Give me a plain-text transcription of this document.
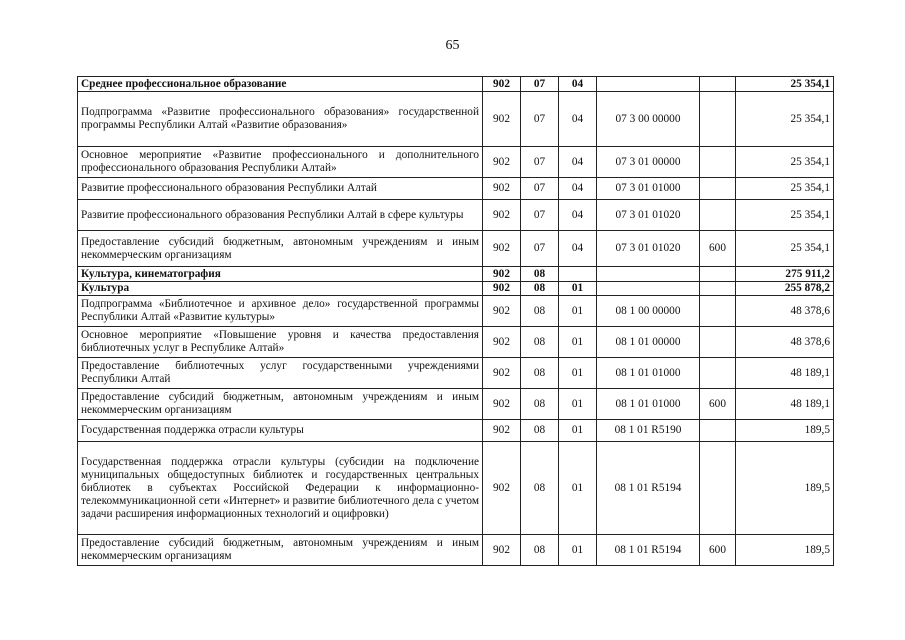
65
Среднее профессиональное образование	902	07	04			25 354,1
Подпрограмма «Развитие профессионального образования» государственной программы Республики Алтай «Развитие образования»	902	07	04	07 3 00 00000		25 354,1
Основное мероприятие «Развитие профессионального и дополнительного профессионального образования Республики Алтай»	902	07	04	07 3 01 00000		25 354,1
Развитие профессионального образования Республики Алтай	902	07	04	07 3 01 01000		25 354,1
Развитие профессионального образования Республики Алтай в сфере культуры	902	07	04	07 3 01 01020		25 354,1
Предоставление субсидий бюджетным, автономным учреждениям и иным некоммерческим организациям	902	07	04	07 3 01 01020	600	25 354,1
Культура, кинематография	902	08				275 911,2
Культура	902	08	01			255 878,2
Подпрограмма «Библиотечное и архивное дело» государственной программы Республики Алтай «Развитие культуры»	902	08	01	08 1 00 00000		48 378,6
Основное мероприятие «Повышение уровня и качества предоставления библиотечных услуг в Республике Алтай»	902	08	01	08 1 01 00000		48 378,6
Предоставление библиотечных услуг государственными учреждениями Республики Алтай	902	08	01	08 1 01 01000		48 189,1
Предоставление субсидий бюджетным, автономным учреждениям и иным некоммерческим организациям	902	08	01	08 1 01 01000	600	48 189,1
Государственная поддержка отрасли культуры	902	08	01	08 1 01 R5190		189,5
Государственная поддержка отрасли культуры (субсидии на подключение муниципальных общедоступных библиотек и государственных центральных библиотек в субъектах Российской Федерации к информационно-телекоммуникационной сети «Интернет» и развитие библиотечного дела с учетом задачи расширения информационных технологий и оцифровки)	902	08	01	08 1 01 R5194		189,5
Предоставление субсидий бюджетным, автономным учреждениям и иным некоммерческим организациям	902	08	01	08 1 01 R5194	600	189,5
